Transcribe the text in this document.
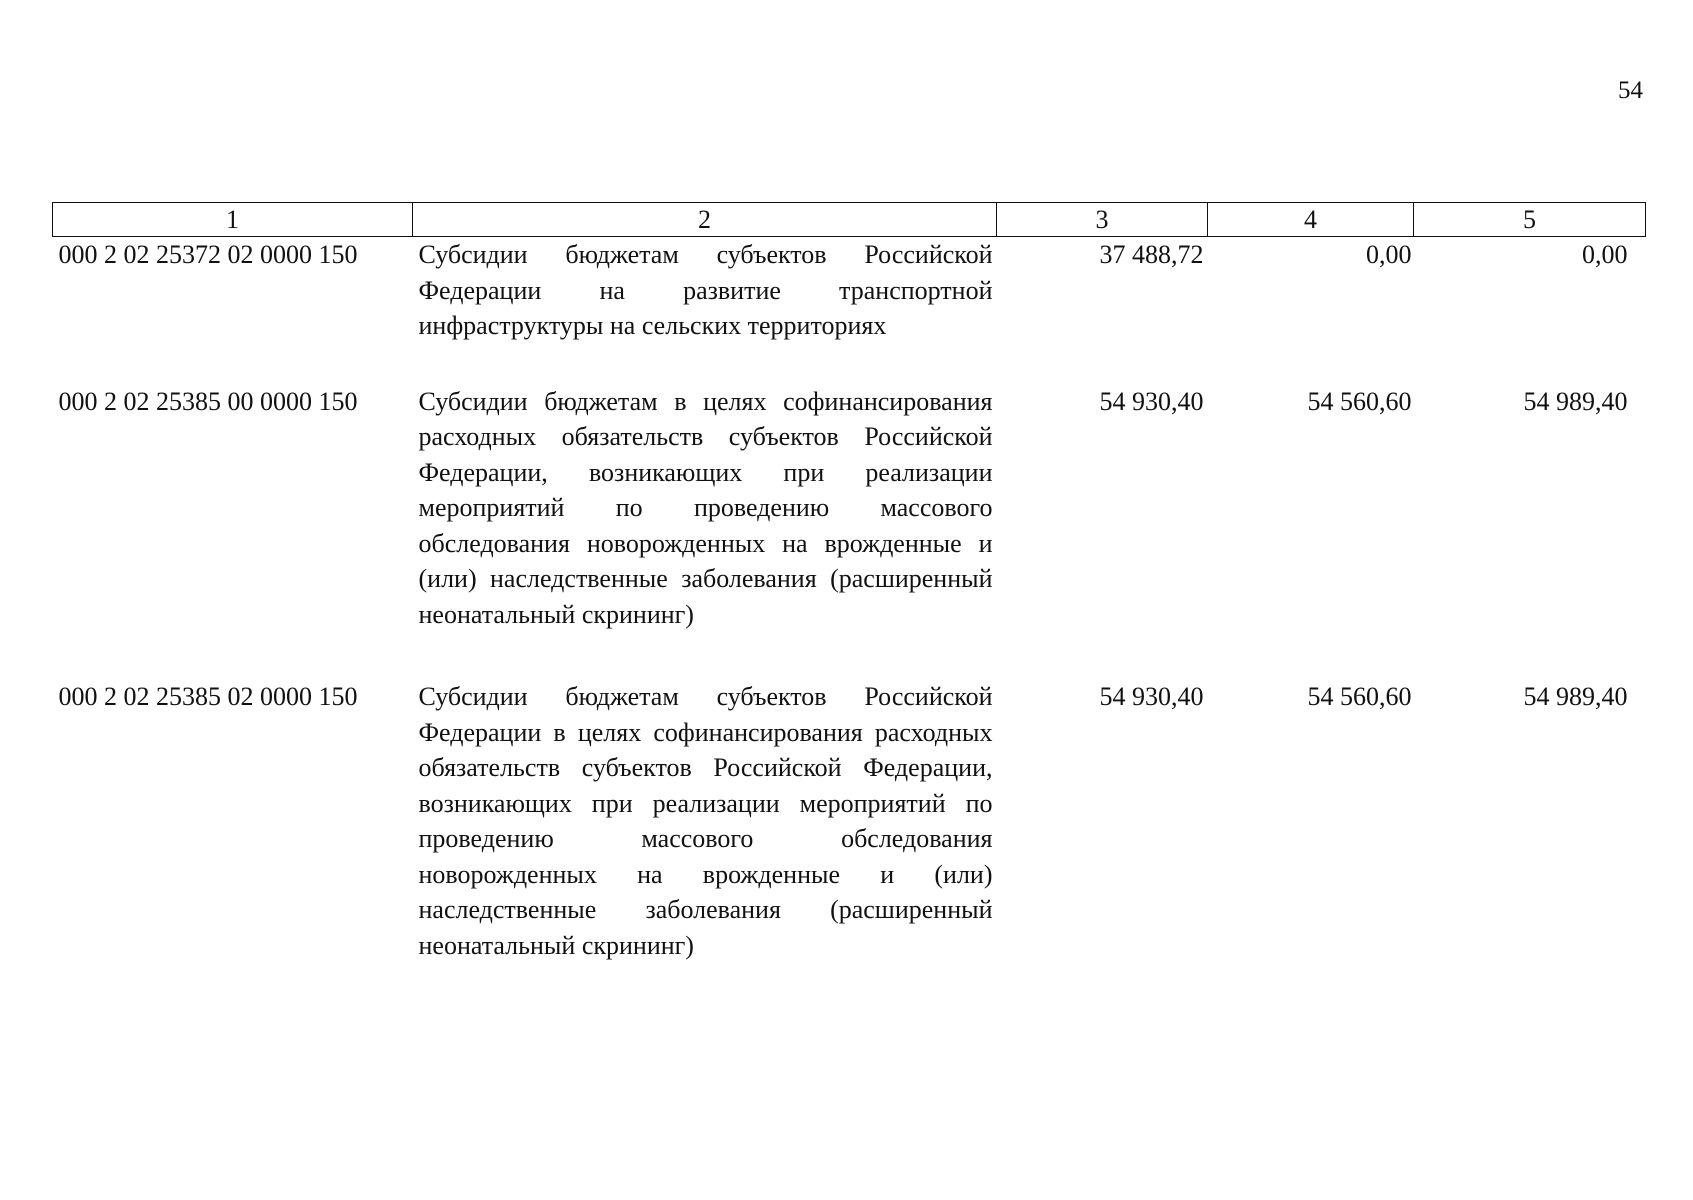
54
1	2	3	4	5
000 2 02 25372 02 0000 150	Субсидии бюджетам субъектов Российской Федерации на развитие транспортной инфраструктуры на сельских территориях	37 488,72	0,00	0,00
000 2 02 25385 00 0000 150	Субсидии бюджетам в целях софинансирования расходных обязательств субъектов Российской Федерации, возникающих при реализации мероприятий по проведению массового обследования новорожденных на врожденные и (или) наследственные заболевания (расширенный неонатальный скрининг)	54 930,40	54 560,60	54 989,40
000 2 02 25385 02 0000 150	Субсидии бюджетам субъектов Российской Федерации в целях софинансирования расходных обязательств субъектов Российской Федерации, возникающих при реализации мероприятий по проведению массового обследования новорожденных на врожденные и (или) наследственные заболевания (расширенный неонатальный скрининг)	54 930,40	54 560,60	54 989,40
